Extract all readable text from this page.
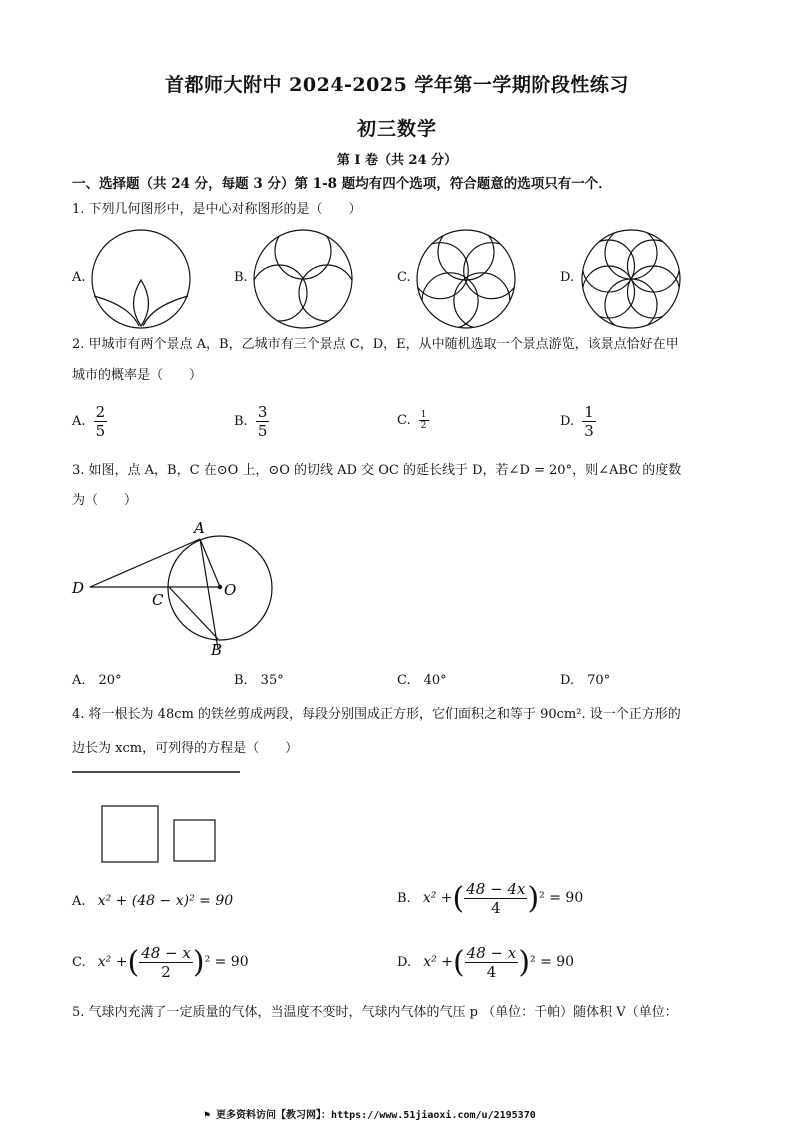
首都师大附中 2024-2025 学年第一学期阶段性练习
初三数学
第 I 卷（共 24 分）
一、选择题（共 24 分，每题 3 分）第 1-8 题均有四个选项，符合题意的选项只有一个．
1. 下列几何图形中，是中心对称图形的是（　　）
A.	B.	C.	D.
2. 甲城市有两个景点 A，B，乙城市有三个景点 C，D，E，从中随机选取一个景点游览，该景点恰好在甲
城市的概率是（　　）
A. $\frac{2}{5}$	B. $\frac{3}{5}$	C. $\frac{1}{2}$	D. $\frac{1}{3}$
3. 如图，点 A，B，C 在⊙O 上，⊙O 的切线 AD 交 OC 的延长线于 D，若∠D = 20°，则∠ABC 的度数
为（　　）
A
B
C
D	O
A.　20°	B.　35°	C.　40°	D.　70°
4. 将一根长为 48cm 的铁丝剪成两段，每段分别围成正方形，它们面积之和等于 90cm². 设一个正方形的
边长为 xcm，可列得的方程是（　　）
A. x² + (48 − x)² = 90	B. x² +( $\frac{48 - 4x}{4} )^2 = 90$
C. x² +( $\frac{48 - x}{2} )^2 = 90$	D. x² +( $\frac{48 - x}{4} )^2 = 90$
5. 气球内充满了一定质量的气体，当温度不变时，气球内气体的气压 p （单位：千帕）随体积 V（单位：
⚑ 更多资料访问【教习网】：https://www.51jiaoxi.com/u/2195370
